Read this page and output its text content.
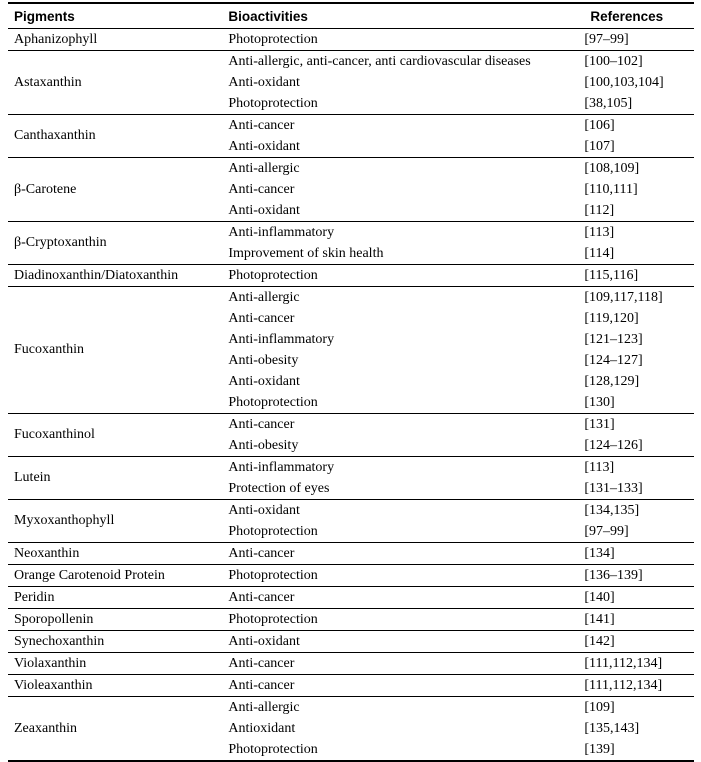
Pigments	Bioactivities	References
Aphanizophyll	Photoprotection	[97–99]
Astaxanthin	Anti-allergic, anti-cancer, anti cardiovascular diseases	[100–102]
	Anti-oxidant	[100,103,104]
	Photoprotection	[38,105]
Canthaxanthin	Anti-cancer	[106]
	Anti-oxidant	[107]
β-Carotene	Anti-allergic	[108,109]
	Anti-cancer	[110,111]
	Anti-oxidant	[112]
β-Cryptoxanthin	Anti-inflammatory	[113]
	Improvement of skin health	[114]
Diadinoxanthin/Diatoxanthin	Photoprotection	[115,116]
Fucoxanthin	Anti-allergic	[109,117,118]
	Anti-cancer	[119,120]
	Anti-inflammatory	[121–123]
	Anti-obesity	[124–127]
	Anti-oxidant	[128,129]
	Photoprotection	[130]
Fucoxanthinol	Anti-cancer	[131]
	Anti-obesity	[124–126]
Lutein	Anti-inflammatory	[113]
	Protection of eyes	[131–133]
Myxoxanthophyll	Anti-oxidant	[134,135]
	Photoprotection	[97–99]
Neoxanthin	Anti-cancer	[134]
Orange Carotenoid Protein	Photoprotection	[136–139]
Peridin	Anti-cancer	[140]
Sporopollenin	Photoprotection	[141]
Synechoxanthin	Anti-oxidant	[142]
Violaxanthin	Anti-cancer	[111,112,134]
Violeaxanthin	Anti-cancer	[111,112,134]
Zeaxanthin	Anti-allergic	[109]
	Antioxidant	[135,143]
	Photoprotection	[139]
